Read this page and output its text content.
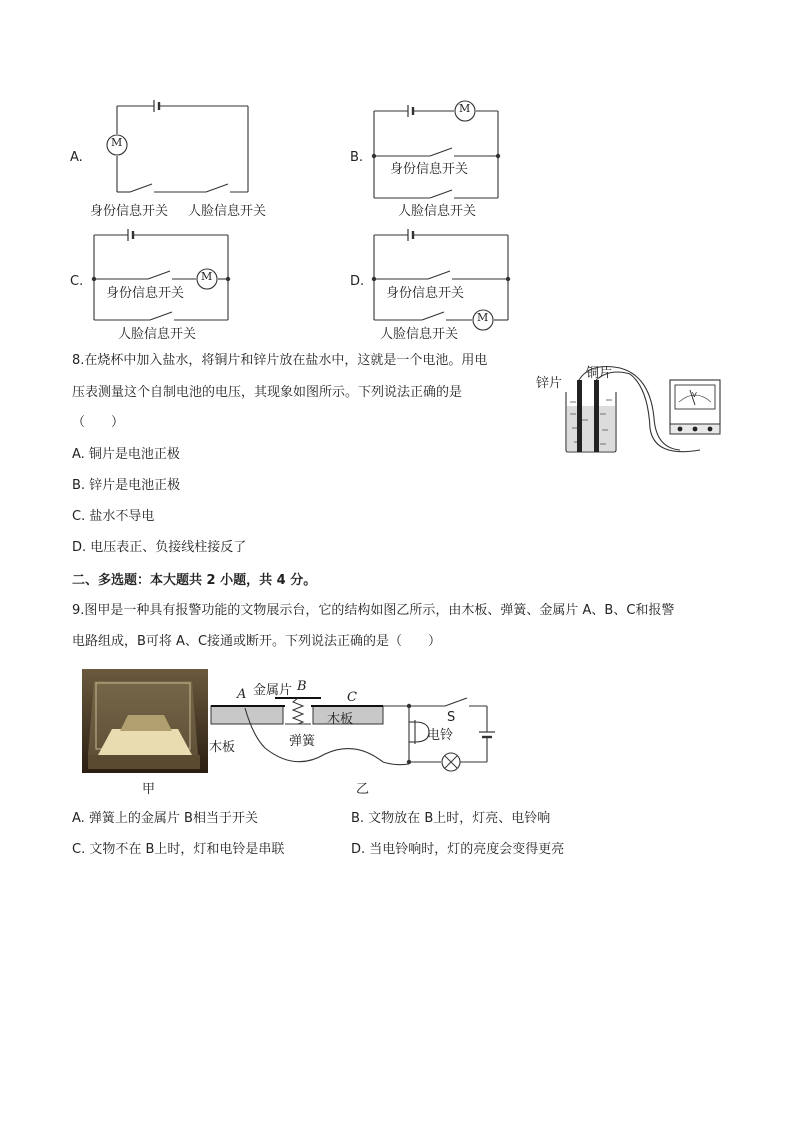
A.
M
身份信息开关 人脸信息开关
B.
M
身份信息开关
人脸信息开关
C.	M
身份信息开关
人脸信息开关
D.
M
身份信息开关
人脸信息开关
8.在烧杯中加入盐水，将铜片和锌片放在盐水中，这就是一个电池。用电
压表测量这个自制电池的电压，其现象如图所示。下列说法正确的是
（　　）
A. 铜片是电池正极
B. 锌片是电池正极
C. 盐水不导电
D. 电压表正、负接线柱接反了
锌片
铜片
V
二、多选题：本大题共 2 小题，共 4 分。
9.图甲是一种具有报警功能的文物展示台，它的结构如图乙所示，由木板、弹簧、金属片 A、B、C和报警
电路组成，B可将 A、C接通或断开。下列说法正确的是（　　）
甲
A 金属片 B
C
木板
木板	弹簧
S
电铃
乙
A. 弹簧上的金属片 B相当于开关	B. 文物放在 B上时，灯亮、电铃响
C. 文物不在 B上时，灯和电铃是串联	D. 当电铃响时，灯的亮度会变得更亮
